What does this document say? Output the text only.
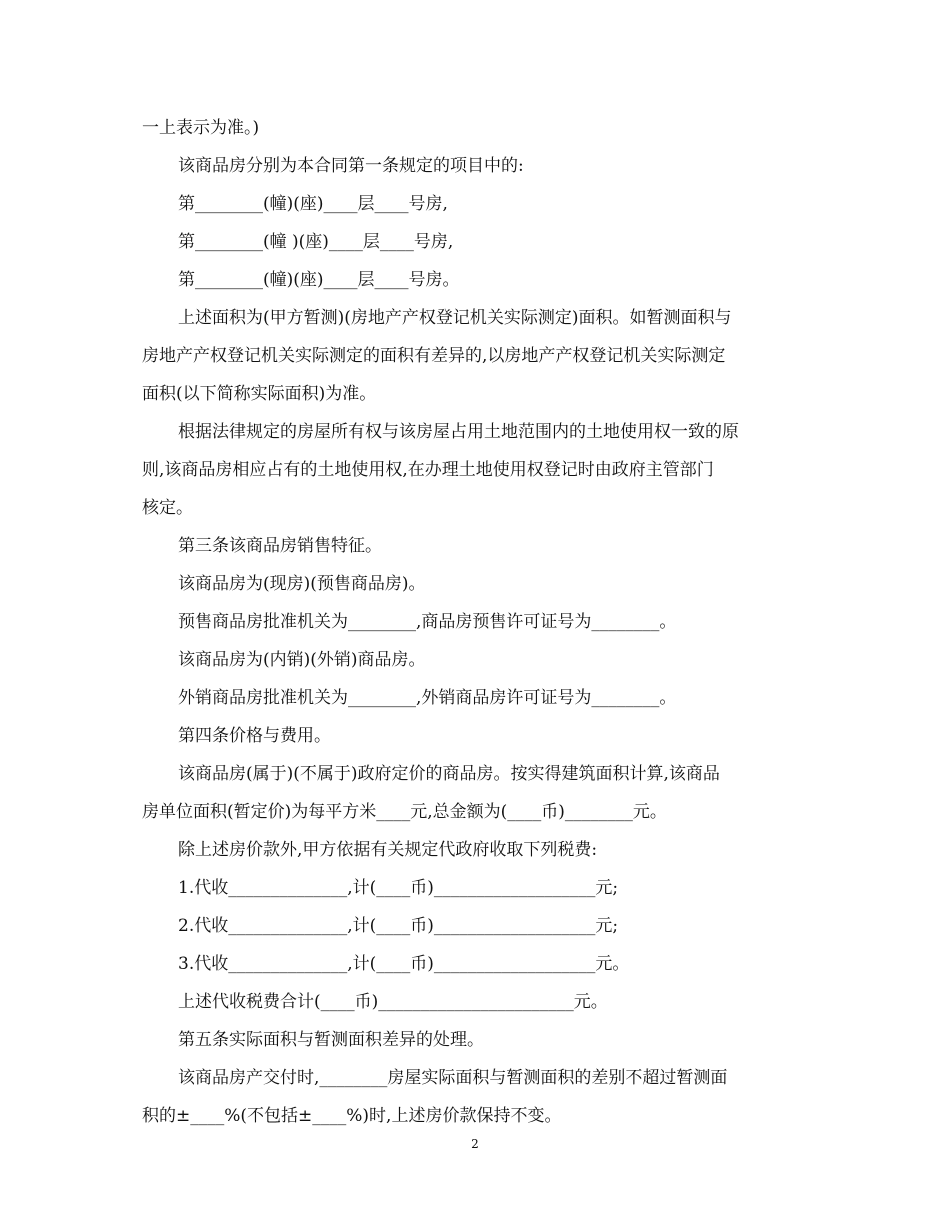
一上表示为准。)
该商品房分别为本合同第一条规定的项目中的:
第________(幢)(座)____层____号房,
第________(幢 )(座)____层____号房,
第________(幢)(座)____层____号房。
上述面积为(甲方暂测)(房地产产权登记机关实际测定)面积。如暂测面积与
房地产产权登记机关实际测定的面积有差异的,以房地产产权登记机关实际测定
面积(以下简称实际面积)为准。
根据法律规定的房屋所有权与该房屋占用土地范围内的土地使用权一致的原
则,该商品房相应占有的土地使用权,在办理土地使用权登记时由政府主管部门
核定。
第三条该商品房销售特征。
该商品房为(现房)(预售商品房)。
预售商品房批准机关为________,商品房预售许可证号为________。
该商品房为(内销)(外销)商品房。
外销商品房批准机关为________,外销商品房许可证号为________。
第四条价格与费用。
该商品房(属于)(不属于)政府定价的商品房。按实得建筑面积计算,该商品
房单位面积(暂定价)为每平方米____元,总金额为(____币)________元。
除上述房价款外,甲方依据有关规定代政府收取下列税费:
1.代收______________,计(____币)___________________元;
2.代收______________,计(____币)___________________元;
3.代收______________,计(____币)___________________元。
上述代收税费合计(____币)_______________________元。
第五条实际面积与暂测面积差异的处理。
该商品房产交付时,________房屋实际面积与暂测面积的差别不超过暂测面
积的±____%(不包括±____%)时,上述房价款保持不变。
2
